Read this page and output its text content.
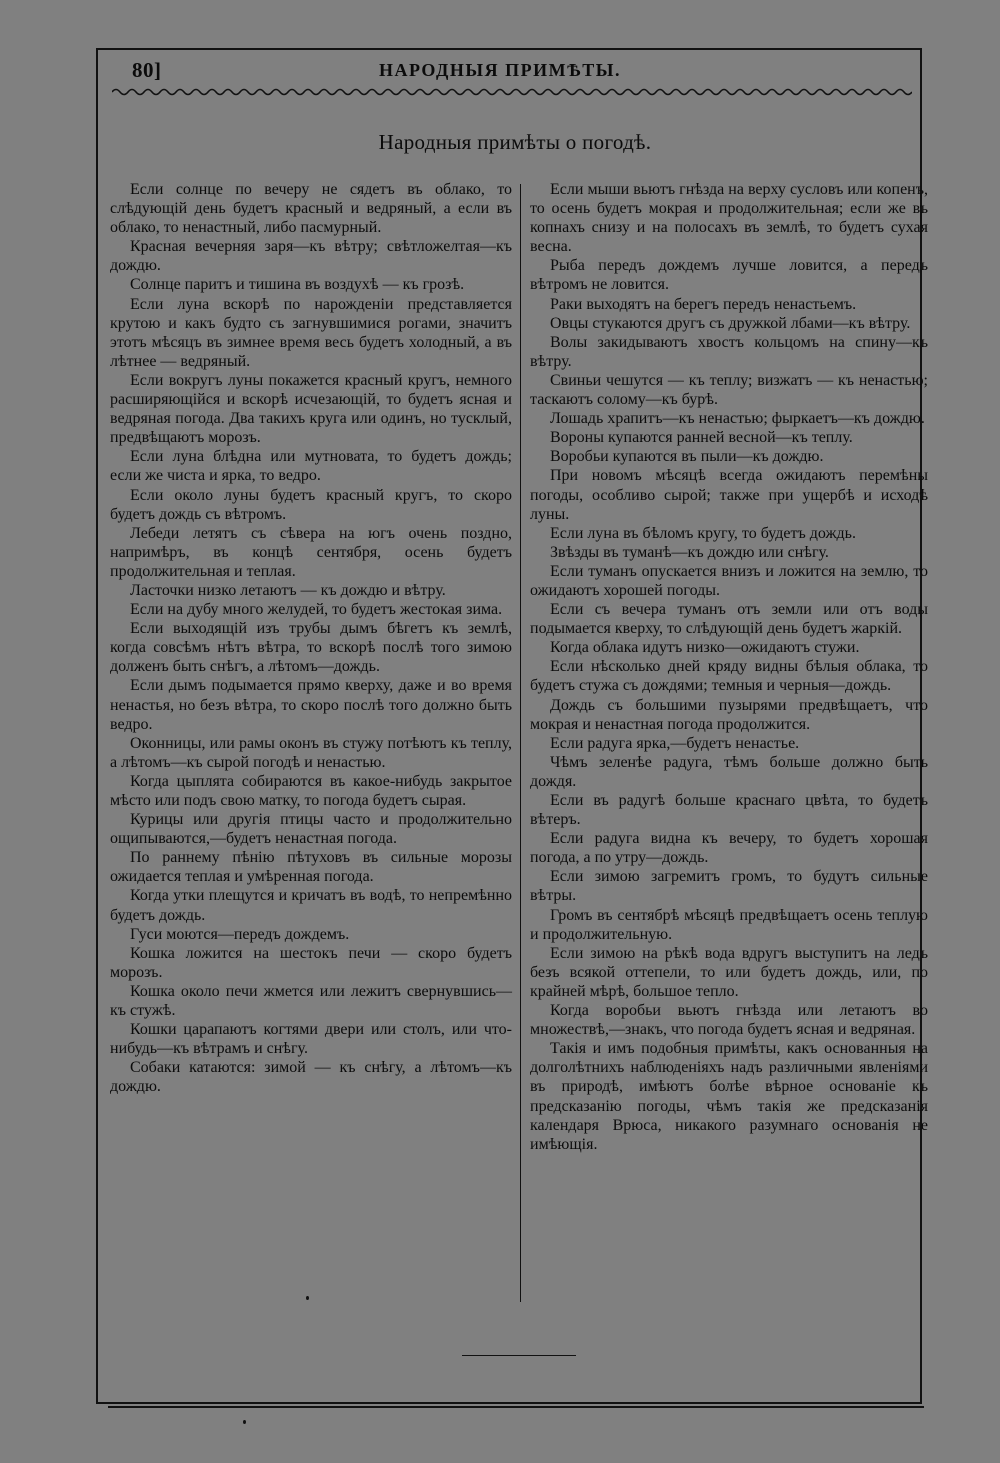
80]	НАРОДНЫЯ ПРИМѢТЫ.
Народныя примѣты о погодѣ.

Если солнце по вечеру не сядетъ въ облако, то слѣдующій день будетъ красный и ведряный, а если въ облако, то ненастный, либо пасмурный.

Красная вечерняя заря—къ вѣтру; свѣтложелтая—къ дождю.

Солнце паритъ и тишина въ воздухѣ — къ грозѣ.

Если луна вскорѣ по нарожденіи представляется крутою и какъ будто съ загнувшимися рогами, значитъ этотъ мѣсяцъ въ зимнее время весь будетъ холодный, а въ лѣтнее — ведряный.

Если вокругъ луны покажется красный кругъ, немного расширяющійся и вскорѣ исчезающій, то будетъ ясная и ведряная погода. Два такихъ круга или одинъ, но тусклый, предвѣщаютъ морозъ.

Если луна блѣдна или мутновата, то будетъ дождь; если же чиста и ярка, то ведро.

Если около луны будетъ красный кругъ, то скоро будетъ дождь съ вѣтромъ.

Лебеди летятъ съ сѣвера на югъ очень поздно, напримѣръ, въ концѣ сентября, осень будетъ продолжительная и теплая.

Ласточки низко летаютъ — къ дождю и вѣтру.

Если на дубу много желудей, то будетъ жестокая зима.

Если выходящій изъ трубы дымъ бѣгетъ къ землѣ, когда совсѣмъ нѣтъ вѣтра, то вскорѣ послѣ того зимою долженъ быть снѣгъ, а лѣтомъ—дождь.

Если дымъ подымается прямо кверху, даже и во время ненастья, но безъ вѣтра, то скоро послѣ того должно быть ведро.

Оконницы, или рамы оконъ въ стужу потѣютъ къ теплу, а лѣтомъ—къ сырой погодѣ и ненастью.

Когда цыплята собираются въ какое-нибудь закрытое мѣсто или подъ свою матку, то погода будетъ сырая.

Курицы или другія птицы часто и продолжительно ощипываются,—будетъ ненастная погода.

По раннему пѣнію пѣтуховъ въ сильные морозы ожидается теплая и умѣренная погода.

Когда утки плещутся и кричатъ въ водѣ, то непремѣнно будетъ дождь.

Гуси моются—передъ дождемъ.

Кошка ложится на шестокъ печи — скоро будетъ морозъ.

Кошка около печи жмется или лежитъ свернувшись—къ стужѣ.

Кошки царапаютъ когтями двери или столъ, или что-нибудь—къ вѣтрамъ и снѣгу.

Собаки катаются: зимой — къ снѣгу, а лѣтомъ—къ дождю.

Если мыши вьютъ гнѣзда на верху сусловъ или копенъ, то осень будетъ мокрая и продолжительная; если же въ копнахъ снизу и на полосахъ въ землѣ, то будетъ сухая весна.

Рыба передъ дождемъ лучше ловится, а передъ вѣтромъ не ловится.

Раки выходятъ на берегъ передъ ненастьемъ.

Овцы стукаются другъ съ дружкой лбами—къ вѣтру.

Волы закидываютъ хвостъ кольцомъ на спину—къ вѣтру.

Свиньи чешутся — къ теплу; визжатъ — къ ненастью; таскаютъ солому—къ бурѣ.

Лошадь храпитъ—къ ненастью; фыркаетъ—къ дождю.

Вороны купаются ранней весной—къ теплу.

Воробьи купаются въ пыли—къ дождю.

При новомъ мѣсяцѣ всегда ожидаютъ перемѣны погоды, особливо сырой; также при ущербѣ и исходѣ луны.

Если луна въ бѣломъ кругу, то будетъ дождь.

Звѣзды въ туманѣ—къ дождю или снѣгу.

Если туманъ опускается внизъ и ложится на землю, то ожидаютъ хорошей погоды.

Если съ вечера туманъ отъ земли или отъ воды подымается кверху, то слѣдующій день будетъ жаркій.

Когда облака идутъ низко—ожидаютъ стужи.

Если нѣсколько дней кряду видны бѣлыя облака, то будетъ стужа съ дождями; темныя и черныя—дождь.

Дождь съ большими пузырями предвѣщаетъ, что мокрая и ненастная погода продолжится.

Если радуга ярка,—будетъ ненастье.

Чѣмъ зеленѣе радуга, тѣмъ больше должно быть дождя.

Если въ радугѣ больше краснаго цвѣта, то будетъ вѣтеръ.

Если радуга видна къ вечеру, то будетъ хорошая погода, а по утру—дождь.

Если зимою загремитъ громъ, то будутъ сильные вѣтры.

Громъ въ сентябрѣ мѣсяцѣ предвѣщаетъ осень теплую и продолжительную.

Если зимою на рѣкѣ вода вдругъ выступитъ на ледъ безъ всякой оттепели, то или будетъ дождь, или, по крайней мѣрѣ, большое тепло.

Когда воробьи вьютъ гнѣзда или летаютъ во множествѣ,—знакъ, что погода будетъ ясная и ведряная.

Такія и имъ подобныя примѣты, какъ основанныя на долголѣтнихъ наблюденіяхъ надъ различными явленіями въ природѣ, имѣютъ болѣе вѣрное основаніе къ предсказанію погоды, чѣмъ такія же предсказанія календаря Врюса, никакого разумнаго основанія не имѣющія.
